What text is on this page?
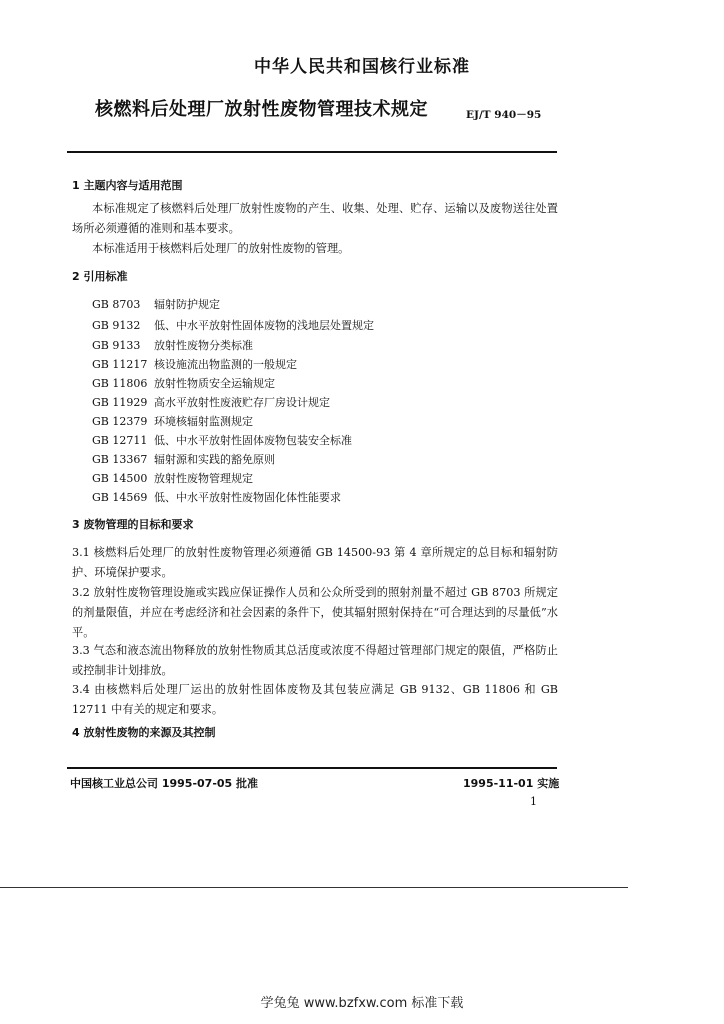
中华人民共和国核行业标准
核燃料后处理厂放射性废物管理技术规定	EJ/T 940－95
1 主题内容与适用范围
本标准规定了核燃料后处理厂放射性废物的产生、收集、处理、贮存、运输以及废物送往处置场所必须遵循的准则和基本要求。
本标准适用于核燃料后处理厂的放射性废物的管理。
2 引用标准
GB 8703 辐射防护规定
GB 9132 低、中水平放射性固体废物的浅地层处置规定
GB 9133 放射性废物分类标准
GB 11217 核设施流出物监测的一般规定
GB 11806 放射性物质安全运输规定
GB 11929 高水平放射性废液贮存厂房设计规定
GB 12379 环境核辐射监测规定
GB 12711 低、中水平放射性固体废物包装安全标准
GB 13367 辐射源和实践的豁免原则
GB 14500 放射性废物管理规定
GB 14569 低、中水平放射性废物固化体性能要求
3 废物管理的目标和要求
3.1 核燃料后处理厂的放射性废物管理必须遵循 GB 14500-93 第 4 章所规定的总目标和辐射防护、环境保护要求。
3.2 放射性废物管理设施或实践应保证操作人员和公众所受到的照射剂量不超过 GB 8703 所规定的剂量限值，并应在考虑经济和社会因素的条件下，使其辐射照射保持在“可合理达到的尽量低”水平。
3.3 气态和液态流出物释放的放射性物质其总活度或浓度不得超过管理部门规定的限值，严格防止或控制非计划排放。
3.4 由核燃料后处理厂运出的放射性固体废物及其包装应满足 GB 9132、GB 11806 和 GB 12711 中有关的规定和要求。
4 放射性废物的来源及其控制
中国核工业总公司 1995-07-05 批准	1995-11-01 实施
1
学兔兔 www.bzfxw.com 标准下载
